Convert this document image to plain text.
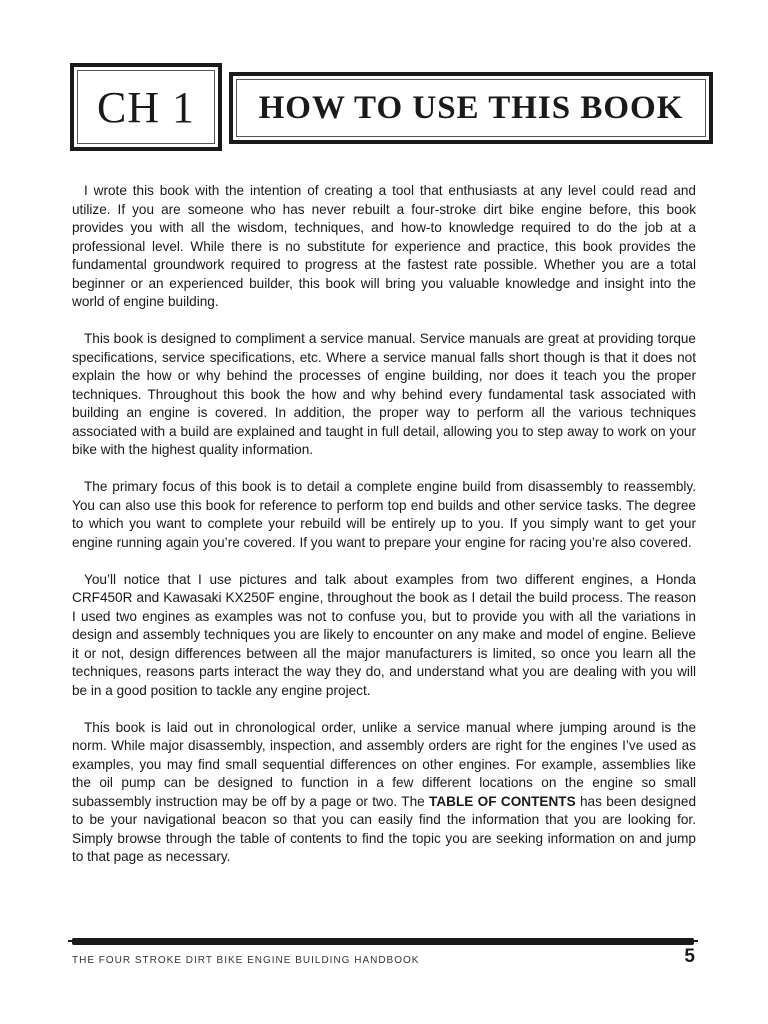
CH 1 HOW TO USE THIS BOOK

I wrote this book with the intention of creating a tool that enthusiasts at any level could read and utilize. If you are someone who has never rebuilt a four-stroke dirt bike engine before, this book provides you with all the wisdom, techniques, and how-to knowledge required to do the job at a professional level. While there is no substitute for experience and practice, this book provides the fundamental groundwork required to progress at the fastest rate possible. Whether you are a total beginner or an experienced builder, this book will bring you valuable knowledge and insight into the world of engine building.

This book is designed to compliment a service manual. Service manuals are great at providing torque specifications, service specifications, etc. Where a service manual falls short though is that it does not explain the how or why behind the processes of engine building, nor does it teach you the proper techniques. Throughout this book the how and why behind every fundamental task associated with building an engine is covered. In addition, the proper way to perform all the various techniques associated with a build are explained and taught in full detail, allowing you to step away to work on your bike with the highest quality information.

The primary focus of this book is to detail a complete engine build from disassembly to reassembly. You can also use this book for reference to perform top end builds and other service tasks. The degree to which you want to complete your rebuild will be entirely up to you. If you simply want to get your engine running again you’re covered. If you want to prepare your engine for racing you’re also covered.

You’ll notice that I use pictures and talk about examples from two different engines, a Honda CRF450R and Kawasaki KX250F engine, throughout the book as I detail the build process. The reason I used two engines as examples was not to confuse you, but to provide you with all the variations in design and assembly techniques you are likely to encounter on any make and model of engine. Believe it or not, design differences between all the major manufacturers is limited, so once you learn all the techniques, reasons parts interact the way they do, and understand what you are dealing with you will be in a good position to tackle any engine project.

This book is laid out in chronological order, unlike a service manual where jumping around is the norm. While major disassembly, inspection, and assembly orders are right for the engines I’ve used as examples, you may find small sequential differences on other engines. For example, assemblies like the oil pump can be designed to function in a few different locations on the engine so small subassembly instruction may be off by a page or two. The TABLE OF CONTENTS has been designed to be your navigational beacon so that you can easily find the information that you are looking for. Simply browse through the table of contents to find the topic you are seeking information on and jump to that page as necessary.

THE FOUR STROKE DIRT BIKE ENGINE BUILDING HANDBOOK	5
